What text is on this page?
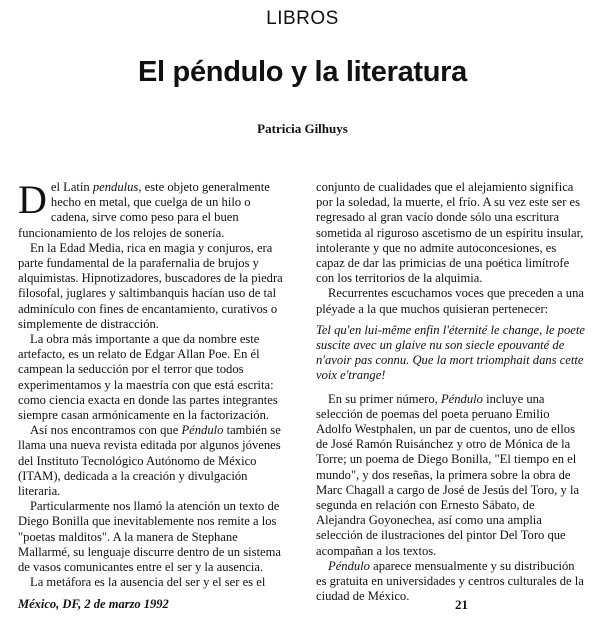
LIBROS
El péndulo y la literatura
Patricia Gilhuys

Del Latín pendulus, este objeto generalmente hecho en metal, que cuelga de un hilo o cadena, sirve como peso para el buen funcionamiento de los relojes de sonería.

En la Edad Media, rica en magia y conjuros, era parte fundamental de la parafernalia de brujos y alquimistas. Hipnotizadores, buscadores de la piedra filosofal, juglares y saltimbanquis hacían uso de tal adminículo con fines de encantamiento, curativos o simplemente de distracción.

La obra más importante a que da nombre este artefacto, es un relato de Edgar Allan Poe. En él campean la seducción por el terror que todos experimentamos y la maestría con que está escrita: como ciencia exacta en donde las partes integrantes siempre casan armónicamente en la factorización.

Así nos encontramos con que Péndulo también se llama una nueva revista editada por algunos jóvenes del Instituto Tecnológico Autónomo de México (ITAM), dedicada a la creación y divulgación literaria.

Particularmente nos llamó la atención un texto de Diego Bonilla que inevitablemente nos remite a los "poetas malditos". A la manera de Stephane Mallarmé, su lenguaje discurre dentro de un sistema de vasos comunicantes entre el ser y la ausencia.

La metáfora es la ausencia del ser y el ser es el

conjunto de cualidades que el alejamiento significa por la soledad, la muerte, el frío. A su vez este ser es regresado al gran vacío donde sólo una escritura sometida al riguroso ascetismo de un espíritu insular, intolerante y que no admite autoconcesiones, es capaz de dar las primicias de una poética limítrofe con los territorios de la alquimia.

Recurrentes escuchamos voces que preceden a una pléyade a la que muchos quisieran pertenecer:

Tel qu'en lui-même enfin l'éternité le change, le poete suscite avec un glaive nu son siecle epouvanté de n'avoir pas connu. Que la mort triomphait dans cette voix e'trange!

En su primer número, Péndulo incluye una selección de poemas del poeta peruano Emilio Adolfo Westphalen, un par de cuentos, uno de ellos de José Ramón Ruisánchez y otro de Mónica de la Torre; un poema de Diego Bonilla, "El tiempo en el mundo", y dos reseñas, la primera sobre la obra de Marc Chagall a cargo de José de Jesús del Toro, y la segunda en relación con Ernesto Sábato, de Alejandra Goyonechea, así como una amplia selección de ilustraciones del pintor Del Toro que acompañan a los textos.

Péndulo aparece mensualmente y su distribución es gratuita en universidades y centros culturales de la ciudad de México.

México, DF, 2 de marzo 1992	21
